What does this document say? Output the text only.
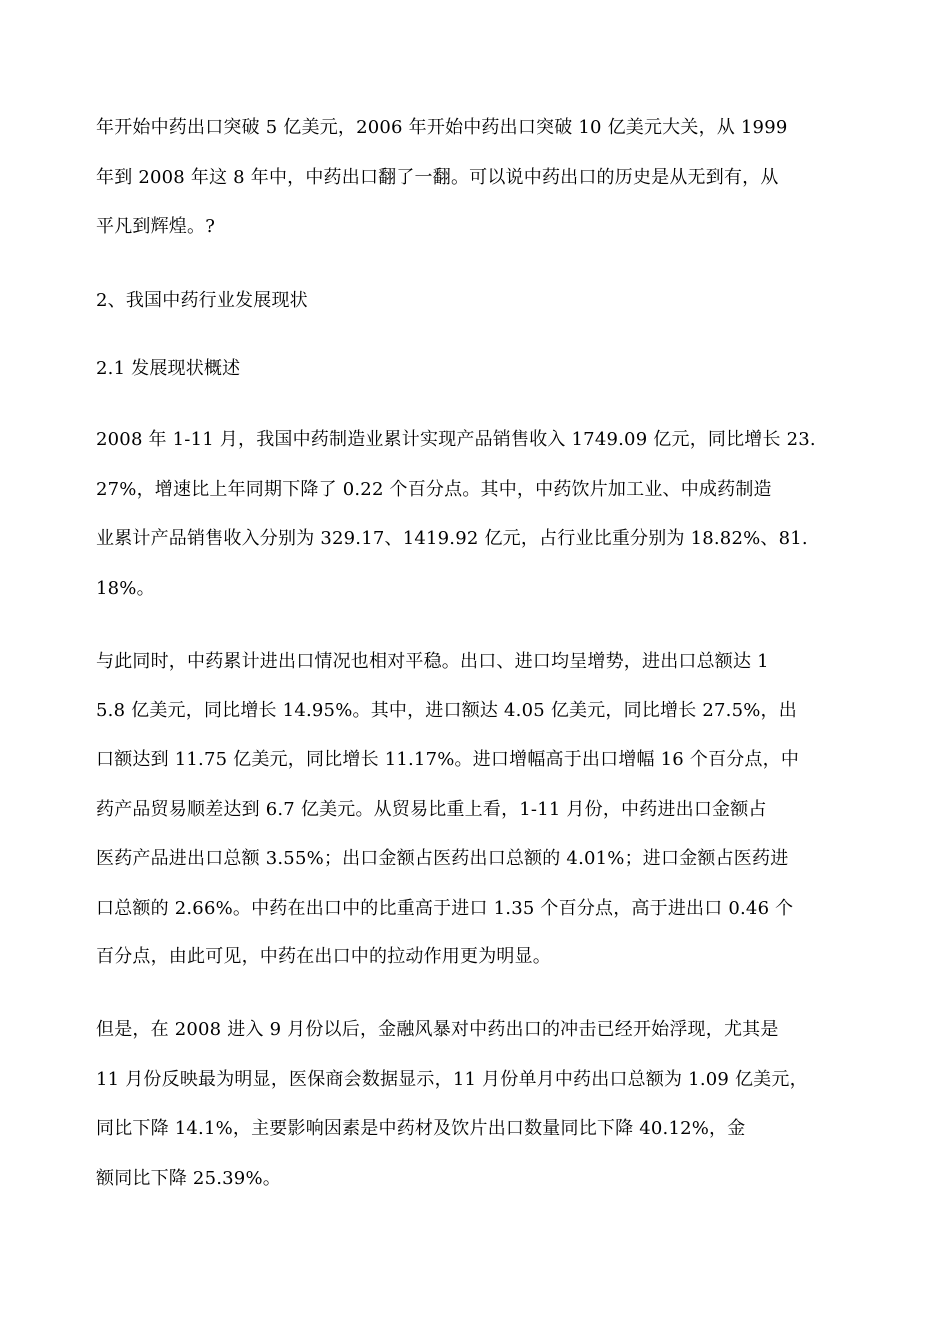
年开始中药出口突破 5 亿美元，2006 年开始中药出口突破 10 亿美元大关，从 1999
年到 2008 年这 8 年中，中药出口翻了一翻。可以说中药出口的历史是从无到有，从
平凡到辉煌。?
2、我国中药行业发展现状
2.1 发展现状概述
2008 年 1-11 月，我国中药制造业累计实现产品销售收入 1749.09 亿元，同比增长 23.
27%，增速比上年同期下降了 0.22 个百分点。其中，中药饮片加工业、中成药制造
业累计产品销售收入分别为 329.17、1419.92 亿元，占行业比重分别为 18.82%、81.
18%。
与此同时，中药累计进出口情况也相对平稳。出口、进口均呈增势，进出口总额达 1
5.8 亿美元，同比增长 14.95%。其中，进口额达 4.05 亿美元，同比增长 27.5%，出
口额达到 11.75 亿美元，同比增长 11.17%。进口增幅高于出口增幅 16 个百分点，中
药产品贸易顺差达到 6.7 亿美元。从贸易比重上看，1-11 月份，中药进出口金额占
医药产品进出口总额 3.55%；出口金额占医药出口总额的 4.01%；进口金额占医药进
口总额的 2.66%。中药在出口中的比重高于进口 1.35 个百分点，高于进出口 0.46 个
百分点，由此可见，中药在出口中的拉动作用更为明显。
但是，在 2008 进入 9 月份以后，金融风暴对中药出口的冲击已经开始浮现，尤其是
11 月份反映最为明显，医保商会数据显示，11 月份单月中药出口总额为 1.09 亿美元，
同比下降 14.1%，主要影响因素是中药材及饮片出口数量同比下降 40.12%，金
额同比下降 25.39%。
